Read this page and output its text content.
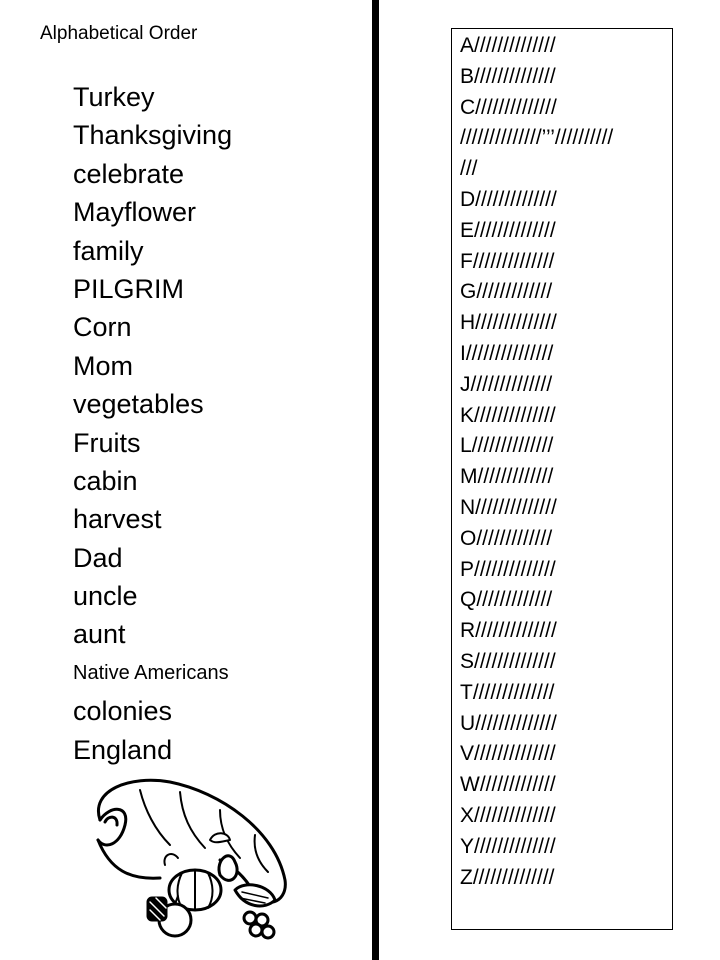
Alphabetical Order
Turkey
Thanksgiving
celebrate
Mayflower
family
PILGRIM
Corn
Mom
vegetables
Fruits
cabin
harvest
Dad
uncle
aunt
Native Americans
colonies
England
A//////////////
B//////////////
C//////////////
//////////////’’’//////////
///
D//////////////
E//////////////
F//////////////
G/////////////
H//////////////
I///////////////
J//////////////
K//////////////
L//////////////
M/////////////
N//////////////
O/////////////
P//////////////
Q/////////////
R//////////////
S//////////////
T//////////////
U//////////////
V//////////////
W/////////////
X//////////////
Y//////////////
Z//////////////
